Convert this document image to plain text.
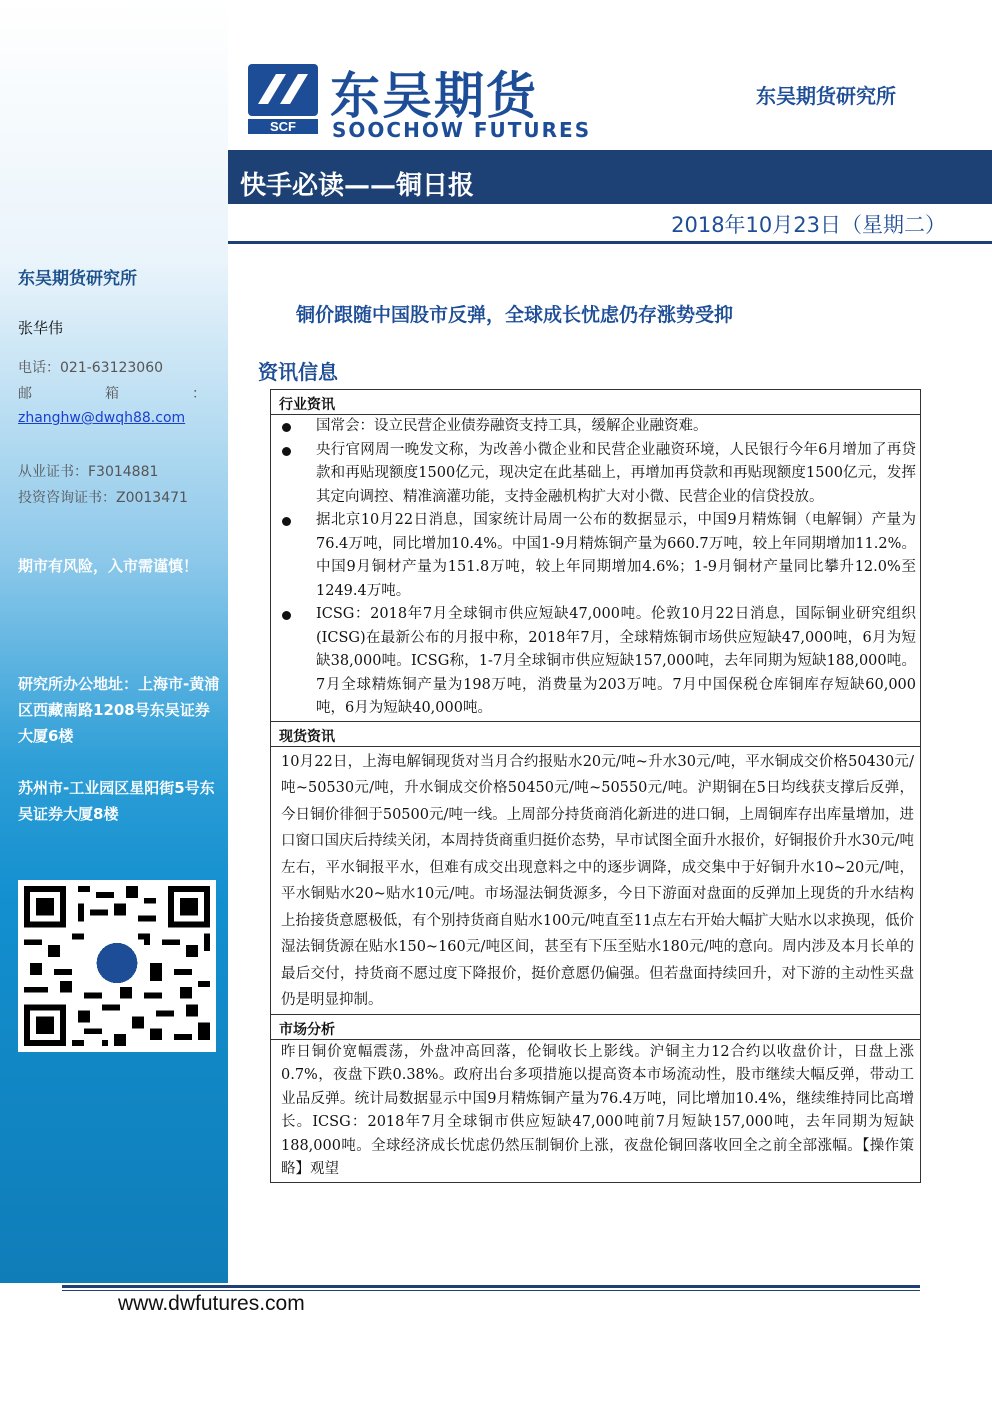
东吴期货研究所
张华伟
电话：021-63123060
邮	箱	：
zhanghw@dwqh88.com
从业证书：F3014881
投资咨询证书：Z0013471
期市有风险，入市需谨慎！
研究所办公地址：上海市-黄浦区西藏南路1208号东吴证券大厦6楼
苏州市-工业园区星阳街5号东吴证券大厦8楼
SCF
东吴期货
SOOCHOW FUTURES
东吴期货研究所
快手必读——铜日报
2018年10月23日（星期二）
铜价跟随中国股市反弹，全球成长忧虑仍存涨势受抑
资讯信息
行业资讯
国常会：设立民营企业债券融资支持工具，缓解企业融资难。
央行官网周一晚发文称，为改善小微企业和民营企业融资环境，人民银行今年6月增加了再贷款和再贴现额度1500亿元，现决定在此基础上，再增加再贷款和再贴现额度1500亿元，发挥其定向调控、精准滴灌功能，支持金融机构扩大对小微、民营企业的信贷投放。
据北京10月22日消息，国家统计局周一公布的数据显示，中国9月精炼铜（电解铜）产量为76.4万吨，同比增加10.4%。中国1-9月精炼铜产量为660.7万吨，较上年同期增加11.2%。 中国9月铜材产量为151.8万吨，较上年同期增加4.6%；1-9月铜材产量同比攀升12.0%至1249.4万吨。
ICSG：2018年7月全球铜市供应短缺47,000吨。伦敦10月22日消息，国际铜业研究组织(ICSG)在最新公布的月报中称，2018年7月，全球精炼铜市场供应短缺47,000吨，6月为短缺38,000吨。ICSG称，1-7月全球铜市供应短缺157,000吨，去年同期为短缺188,000吨。7月全球精炼铜产量为198万吨，消费量为203万吨。7月中国保税仓库铜库存短缺60,000吨，6月为短缺40,000吨。
现货资讯
10月22日，上海电解铜现货对当月合约报贴水20元/吨~升水30元/吨，平水铜成交价格50430元/吨~50530元/吨，升水铜成交价格50450元/吨~50550元/吨。沪期铜在5日均线获支撑后反弹，今日铜价徘徊于50500元/吨一线。上周部分持货商消化新进的进口铜，上周铜库存出库量增加，进口窗口国庆后持续关闭，本周持货商重归挺价态势，早市试图全面升水报价，好铜报价升水30元/吨左右，平水铜报平水，但难有成交出现意料之中的逐步调降，成交集中于好铜升水10~20元/吨，平水铜贴水20~贴水10元/吨。市场湿法铜货源多，今日下游面对盘面的反弹加上现货的升水结构上抬接货意愿极低，有个别持货商自贴水100元/吨直至11点左右开始大幅扩大贴水以求换现，低价湿法铜货源在贴水150~160元/吨区间，甚至有下压至贴水180元/吨的意向。周内涉及本月长单的最后交付，持货商不愿过度下降报价，挺价意愿仍偏强。但若盘面持续回升，对下游的主动性买盘仍是明显抑制。
市场分析
昨日铜价宽幅震荡，外盘冲高回落，伦铜收长上影线。沪铜主力12合约以收盘价计，日盘上涨0.7%，夜盘下跌0.38%。政府出台多项措施以提高资本市场流动性，股市继续大幅反弹，带动工业品反弹。统计局数据显示中国9月精炼铜产量为76.4万吨，同比增加10.4%，继续维持同比高增长。ICSG：2018年7月全球铜市供应短缺47,000吨前7月短缺157,000吨，去年同期为短缺188,000吨。全球经济成长忧虑仍然压制铜价上涨，夜盘伦铜回落收回全之前全部涨幅。【操作策略】观望
www.dwfutures.com
